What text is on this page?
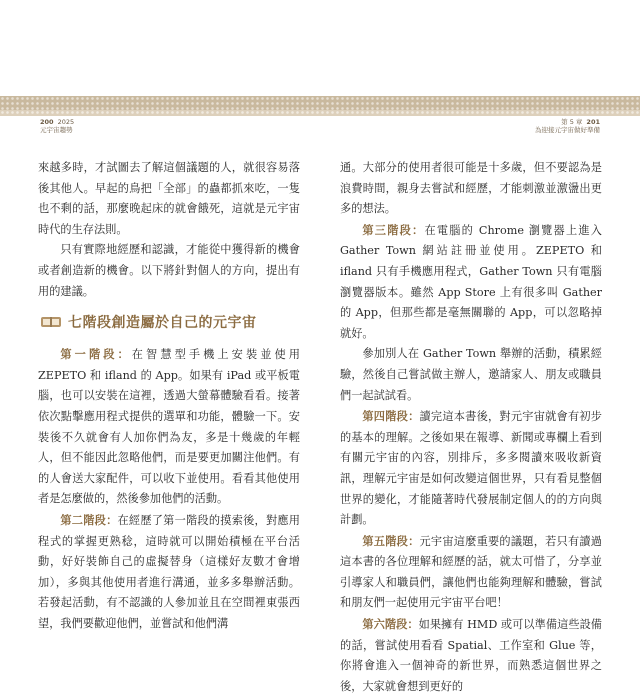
200 2025
元宇宙趨勢
第 5 章 201
為迎接元宇宙做好準備

來越多時，才試圖去了解這個議題的人，就很容易落後其他人。早起的鳥把「全部」的蟲都抓來吃，一隻也不剩的話，那麼晚起床的就會餓死，這就是元宇宙時代的生存法則。

只有實際地經歷和認識，才能從中獲得新的機會或者創造新的機會。以下將針對個人的方向，提出有用的建議。

七階段創造屬於自己的元宇宙

第一階段：在智慧型手機上安裝並使用 ZEPETO 和 ifland 的 App。如果有 iPad 或平板電腦，也可以安裝在這裡，透過大螢幕體驗看看。接著依次點擊應用程式提供的選單和功能，體驗一下。安裝後不久就會有人加你們為友，多是十幾歲的年輕人，但不能因此忽略他們，而是要更加關注他們。有的人會送大家配件，可以收下並使用。看看其他使用者是怎麼做的，然後參加他們的活動。

第二階段：在經歷了第一階段的摸索後，對應用程式的掌握更熟稔，這時就可以開始積極在平台活動，好好裝飾自己的虛擬替身（這樣好友數才會增加），多與其他使用者進行溝通，並多多舉辦活動。若發起活動，有不認識的人參加並且在空間裡東張西望，我們要歡迎他們，並嘗試和他們溝

通。大部分的使用者很可能是十多歲，但不要認為是浪費時間，親身去嘗試和經歷，才能刺激並激盪出更多的想法。

第三階段：在電腦的 Chrome 瀏覽器上進入 Gather Town 網站註冊並使用。ZEPETO 和 ifland 只有手機應用程式，Gather Town 只有電腦瀏覽器版本。雖然 App Store 上有很多叫 Gather 的 App，但那些都是毫無關聯的 App，可以忽略掉就好。

參加別人在 Gather Town 舉辦的活動，積累經驗，然後自己嘗試做主辦人，邀請家人、朋友或職員們一起試試看。

第四階段：讀完這本書後，對元宇宙就會有初步的基本的理解。之後如果在報導、新聞或專欄上看到有關元宇宙的內容，別排斥，多多閱讀來吸收新資訊，理解元宇宙是如何改變這個世界，只有看見整個世界的變化，才能隨著時代發展制定個人的的方向與計劃。

第五階段：元宇宙這麼重要的議題，若只有讀過這本書的各位理解和經歷的話，就太可惜了，分享並引導家人和職員們，讓他們也能夠理解和體驗，嘗試和朋友們一起使用元宇宙平台吧！

第六階段：如果擁有 HMD 或可以準備這些設備的話，嘗試使用看看 Spatial、工作室和 Glue 等，你將會進入一個神奇的新世界，而熟悉這個世界之後，大家就會想到更好的
